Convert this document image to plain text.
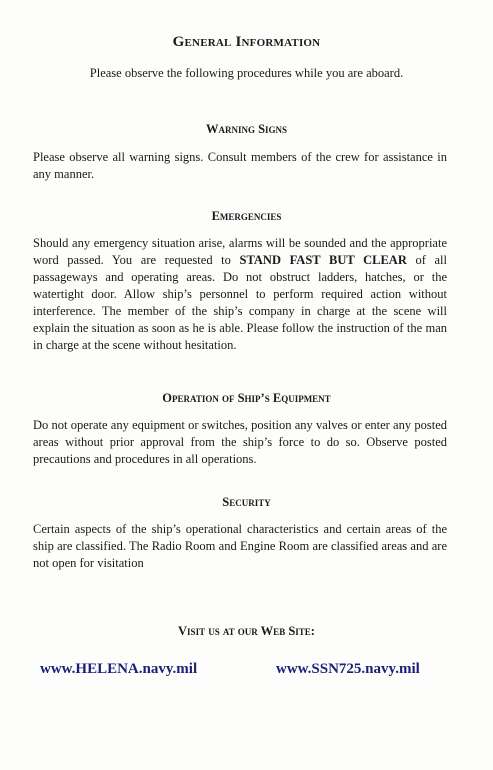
General Information

Please observe the following procedures while you are aboard.

Warning Signs

Please observe all warning signs. Consult members of the crew for assistance in any manner.

Emergencies

Should any emergency situation arise, alarms will be sounded and the appropriate word passed. You are requested to STAND FAST BUT CLEAR of all passageways and operating areas. Do not obstruct ladders, hatches, or the watertight door. Allow ship’s personnel to perform required action without interference. The member of the ship’s company in charge at the scene will explain the situation as soon as he is able. Please follow the instruction of the man in charge at the scene without hesitation.

Operation of Ship’s Equipment

Do not operate any equipment or switches, position any valves or enter any posted areas without prior approval from the ship’s force to do so. Observe posted precautions and procedures in all operations.

Security

Certain aspects of the ship’s operational characteristics and certain areas of the ship are classified. The Radio Room and Engine Room are classified areas and are not open for visitation

Visit us at our Web Site:

www.HELENA.navy.mil	www.SSN725.navy.mil
